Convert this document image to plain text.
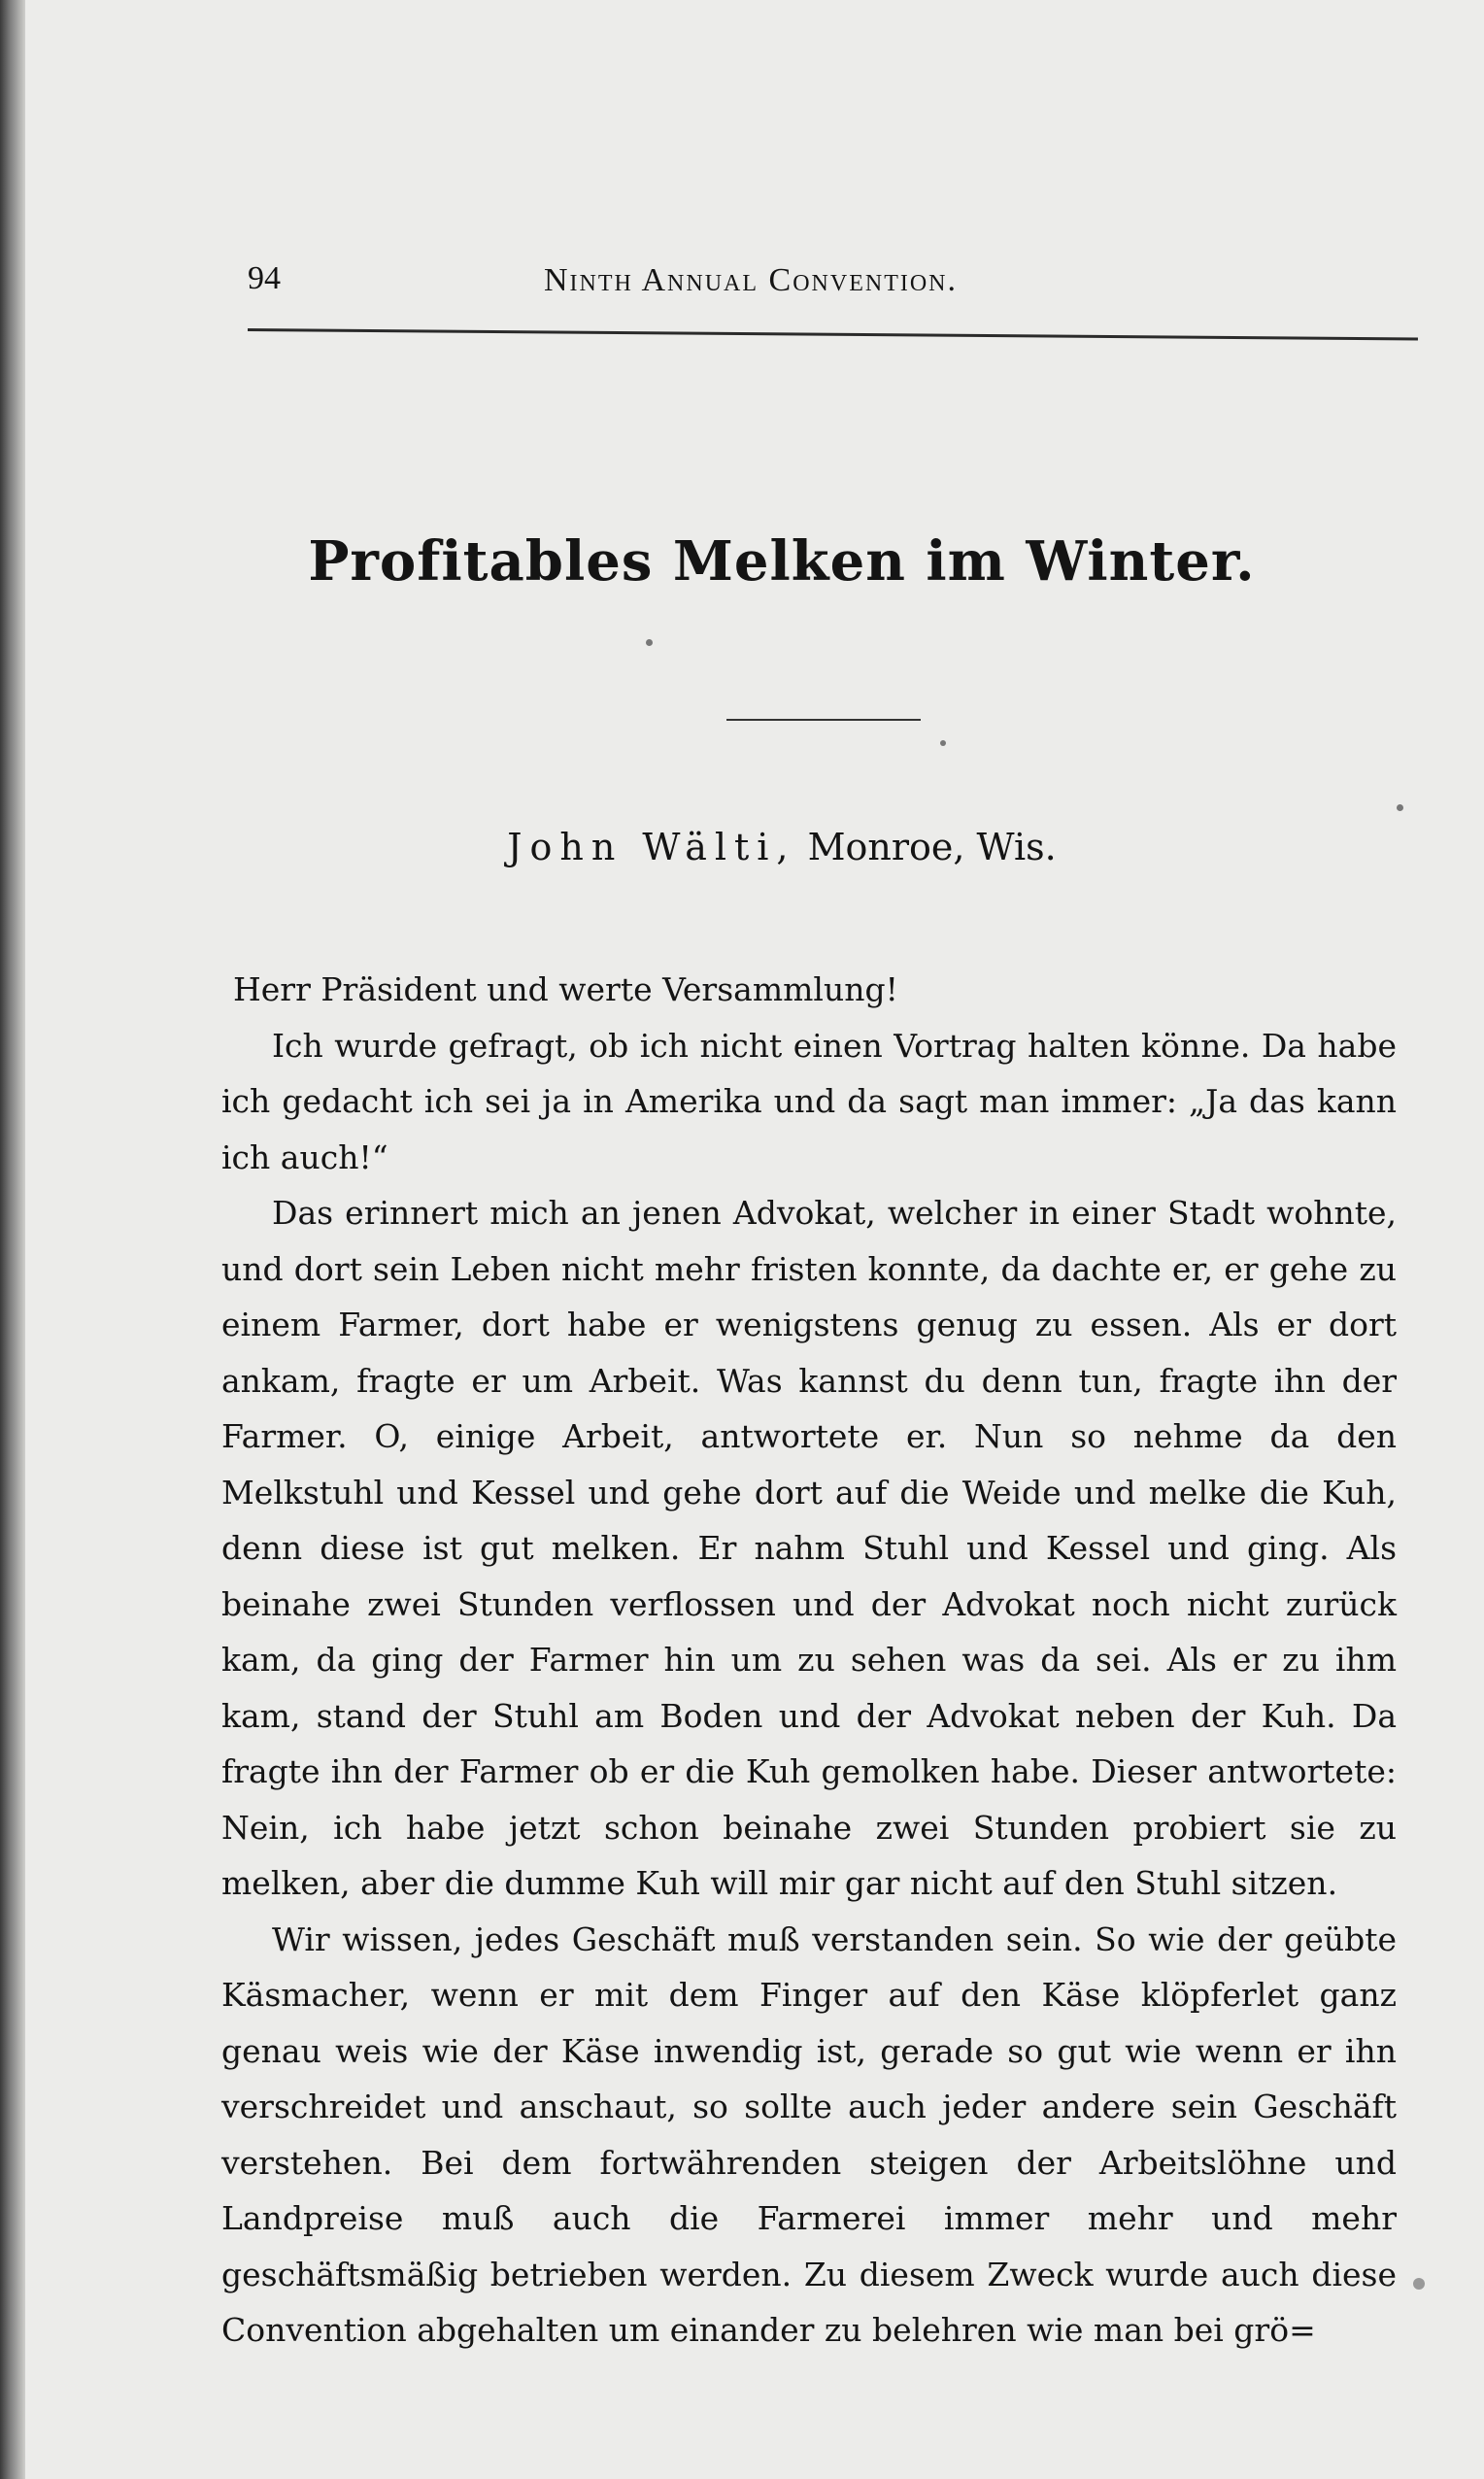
94	Ninth Annual Convention.
Profitables Melken im Winter.
John Wälti, Monroe, Wis.

Herr Präsident und werte Versammlung!

Ich wurde gefragt, ob ich nicht einen Vortrag halten könne. Da habe ich gedacht ich sei ja in Amerika und da sagt man immer: „Ja das kann ich auch!“

Das erinnert mich an jenen Advokat, welcher in einer Stadt wohnte, und dort sein Leben nicht mehr fristen konnte, da dachte er, er gehe zu einem Farmer, dort habe er wenigstens genug zu essen. Als er dort ankam, fragte er um Arbeit. Was kannst du denn tun, fragte ihn der Farmer. O, einige Arbeit, antwortete er. Nun so nehme da den Melkstuhl und Kessel und gehe dort auf die Weide und melke die Kuh, denn diese ist gut melken. Er nahm Stuhl und Kessel und ging. Als beinahe zwei Stunden verflossen und der Advokat noch nicht zurück kam, da ging der Farmer hin um zu sehen was da sei. Als er zu ihm kam, stand der Stuhl am Boden und der Advokat neben der Kuh. Da fragte ihn der Farmer ob er die Kuh gemolken habe. Dieser antwortete: Nein, ich habe jetzt schon beinahe zwei Stunden probiert sie zu melken, aber die dumme Kuh will mir gar nicht auf den Stuhl sitzen.

Wir wissen, jedes Geschäft muß verstanden sein. So wie der geübte Käsmacher, wenn er mit dem Finger auf den Käse klöpferlet ganz genau weis wie der Käse inwendig ist, gerade so gut wie wenn er ihn verschreidet und anschaut, so sollte auch jeder andere sein Geschäft verstehen. Bei dem fortwährenden steigen der Arbeitslöhne und Landpreise muß auch die Farmerei immer mehr und mehr geschäftsmäßig betrieben werden. Zu diesem Zweck wurde auch diese Convention abgehalten um einander zu belehren wie man bei grö=
